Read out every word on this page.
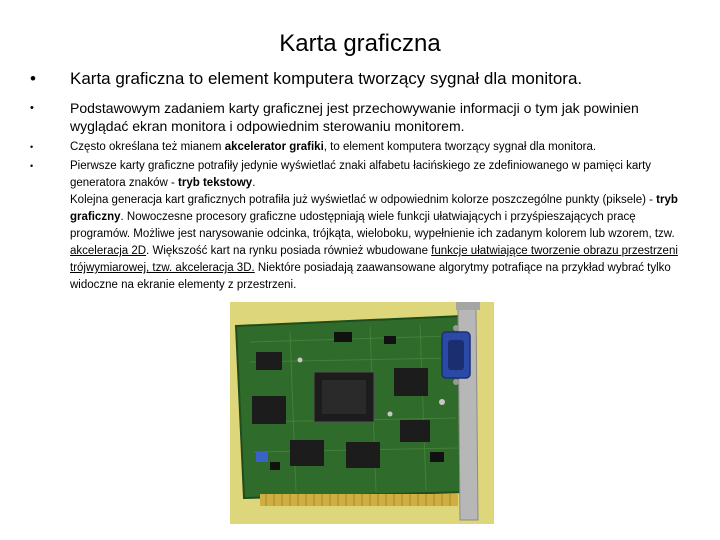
Karta graficzna
•	Karta graficzna to element komputera tworzący sygnał dla monitora.
•	Podstawowym zadaniem karty graficznej jest przechowywanie informacji o tym jak powinien wyglądać ekran monitora i odpowiednim sterowaniu monitorem.
•	Często określana też mianem akcelerator grafiki, to element komputera tworzący sygnał dla monitora.
•	Pierwsze karty graficzne potrafiły jedynie wyświetlać znaki alfabetu łacińskiego ze zdefiniowanego w pamięci karty generatora znaków - tryb tekstowy.
Kolejna generacja kart graficznych potrafiła już wyświetlać w odpowiednim kolorze poszczególne punkty (piksele) - tryb graficzny. Nowoczesne procesory graficzne udostępniają wiele funkcji ułatwiających i przyśpieszających pracę programów. Możliwe jest narysowanie odcinka, trójkąta, wieloboku, wypełnienie ich zadanym kolorem lub wzorem, tzw. akceleracja 2D. Większość kart na rynku posiada również wbudowane funkcje ułatwiające tworzenie obrazu przestrzeni trójwymiarowej, tzw. akceleracja 3D. Niektóre posiadają zaawansowane algorytmy potrafiące na przykład wybrać tylko widoczne na ekranie elementy z przestrzeni.
